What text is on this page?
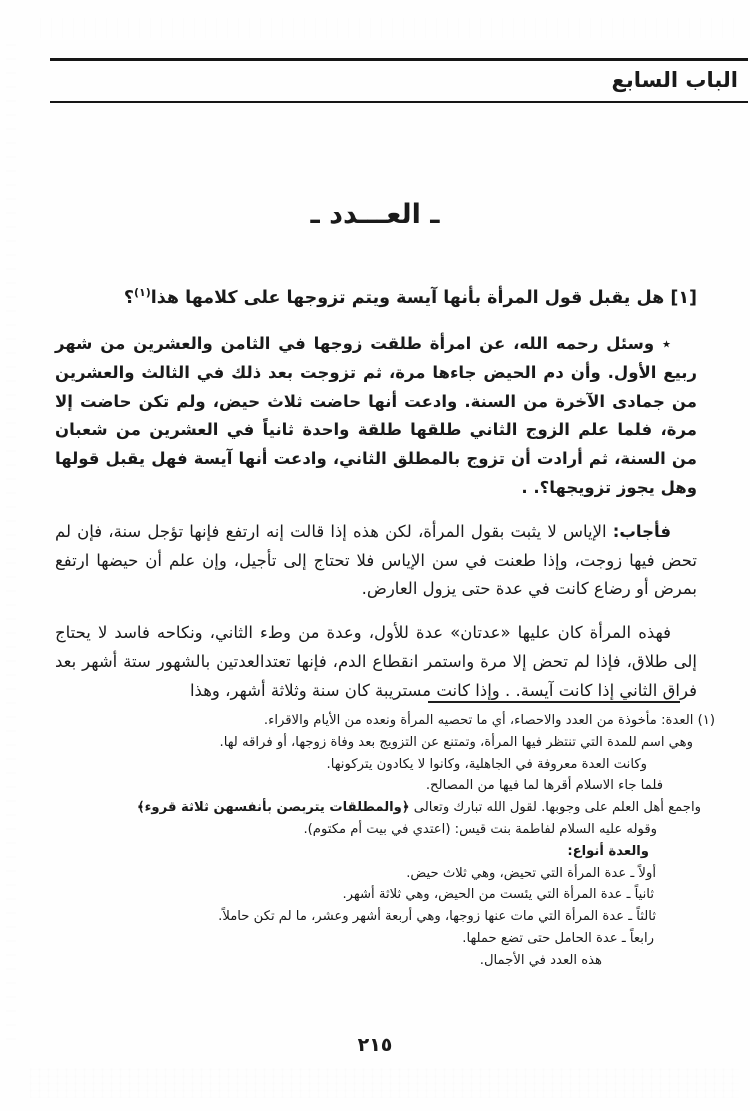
الباب السابع
ـ العـــدد ـ
[١] هل يقبل قول المرأة بأنها آيسة ويتم تزوجها على كلامها هذا$^{(١)}$؟

٭ وسئل رحمه الله، عن امرأة طلقت زوجها في الثامن والعشرين من شهر ربيع الأول. وأن دم الحيض جاءها مرة، ثم تزوجت بعد ذلك في الثالث والعشرين من جمادى الآخرة من السنة. وادعت أنها حاضت ثلاث حيض، ولم تكن حاضت إلا مرة، فلما علم الزوج الثاني طلقها طلقة واحدة ثانياً في العشرين من شعبان من السنة، ثم أرادت أن تزوج بالمطلق الثاني، وادعت أنها آيسة فهل يقبل قولها وهل يجوز تزويجها؟. .

فأجاب: الإياس لا يثبت بقول المرأة، لكن هذه إذا قالت إنه ارتفع فإنها تؤجل سنة، فإن لم تحض فيها زوجت، وإذا طعنت في سن الإياس فلا تحتاج إلى تأجيل، وإن علم أن حيضها ارتفع بمرض أو رضاع كانت في عدة حتى يزول العارض.

فهذه المرأة كان عليها «عدتان» عدة للأول، وعدة من وطء الثاني، ونكاحه فاسد لا يحتاج إلى طلاق، فإذا لم تحض إلا مرة واستمر انقطاع الدم، فإنها تعتدالعدتين بالشهور ستة أشهر بعد فراق الثاني إذا كانت آيسة. . وإذا كانت مستريبة كان سنة وثلاثة أشهر، وهذا

(١) العدة: مأخوذة من العدد والاحصاء، أي ما تحصيه المرأة ونعده من الأيام والاقراء.
وهي اسم للمدة التي تنتظر فيها المرأة، وتمتنع عن التزويج بعد وفاة زوجها، أو فراقه لها.
وكانت العدة معروفة في الجاهلية، وكانوا لا يكادون يتركونها.
فلما جاء الاسلام أقرها لما فيها من المصالح.
واجمع أهل العلم على وجوبها. لقول الله تبارك وتعالى ﴿والمطلقات يتربصن بأنفسهن ثلاثة قروء﴾
وقوله عليه السلام لفاطمة بنت قيس: (اعتدي في بيت أم مكتوم).
والعدة أنواع:
أولاً ـ عدة المرأة التي تحيض، وهي ثلاث حيض.
ثانياً ـ عدة المرأة التي يئست من الحيض، وهي ثلاثة أشهر.
ثالثاً ـ عدة المرأة التي مات عنها زوجها، وهي أربعة أشهر وعشر، ما لم تكن حاملاً.
رابعاً ـ عدة الحامل حتى تضع حملها.
هذه العدد في الأجمال.
٢١٥
